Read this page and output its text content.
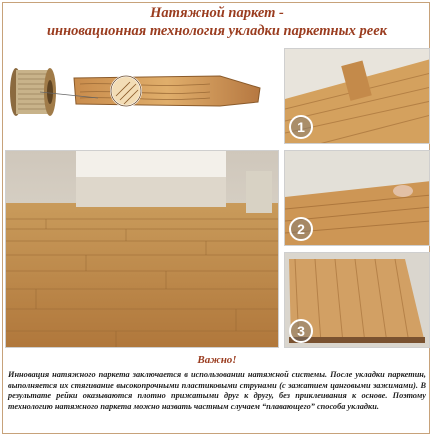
Натяжной паркет -
инновационная технология укладки паркетных реек
1
2
3
Важно!
Инновация натяжного паркета заключается в использовании натяжной системы. После укладки паркетин, выполняется их стягивание высокопрочными пластиковыми струнами (с зажатием цанговыми зажимами). В результате рейки оказываются плотно прижатыми друг к другу, без приклеивания к основе. Поэтому технологию натяжного паркета можно назвать частным случаем “плавающего” способа укладки.
